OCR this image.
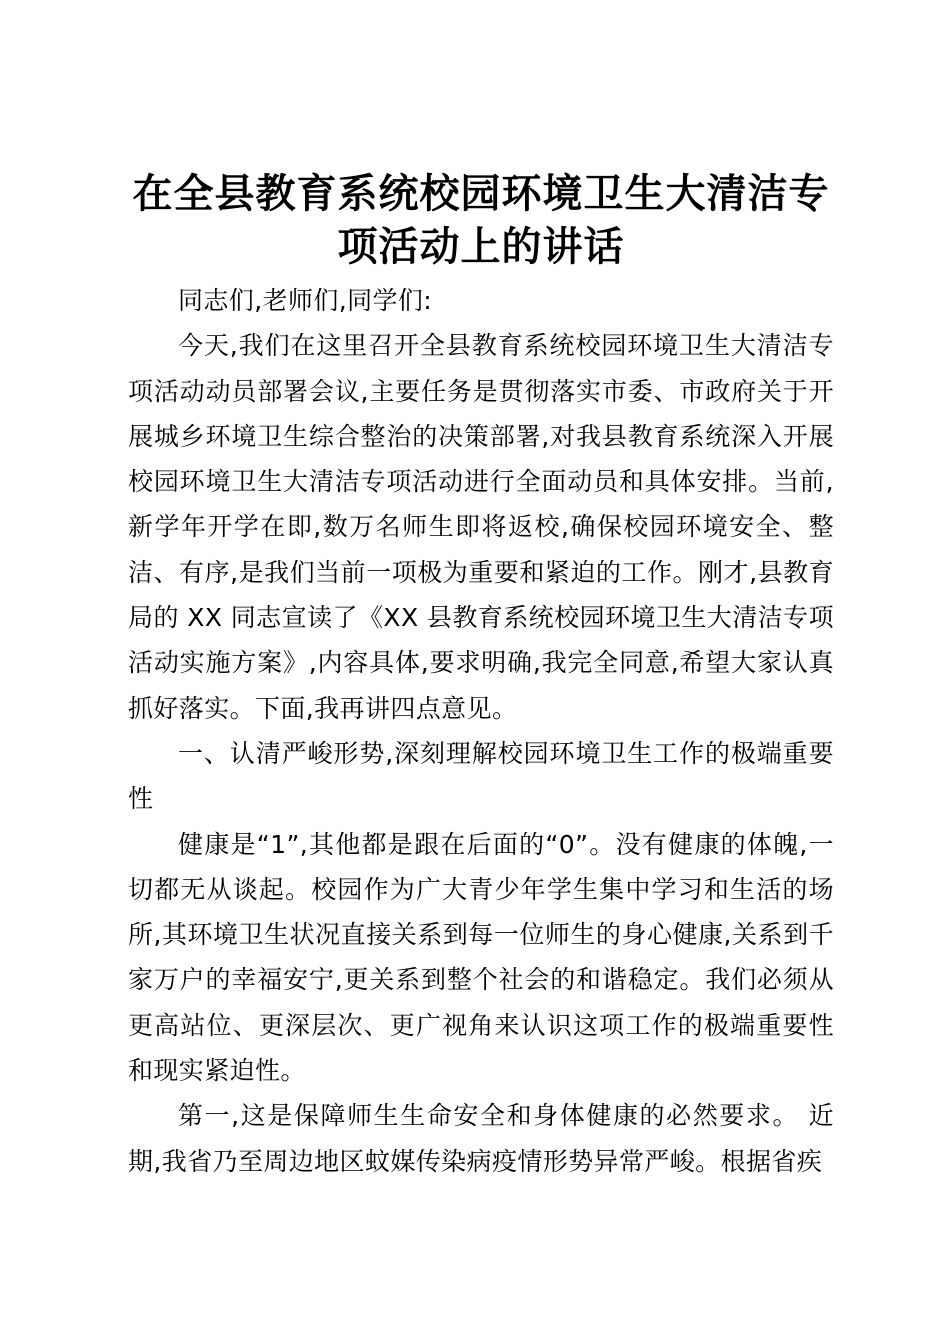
在全县教育系统校园环境卫生大清洁专项活动上的讲话

同志们,老师们,同学们:

今天,我们在这里召开全县教育系统校园环境卫生大清洁专项活动动员部署会议,主要任务是贯彻落实市委、市政府关于开展城乡环境卫生综合整治的决策部署,对我县教育系统深入开展校园环境卫生大清洁专项活动进行全面动员和具体安排。当前,新学年开学在即,数万名师生即将返校,确保校园环境安全、整洁、有序,是我们当前一项极为重要和紧迫的工作。刚才,县教育局的 XX 同志宣读了《XX 县教育系统校园环境卫生大清洁专项活动实施方案》,内容具体,要求明确,我完全同意,希望大家认真抓好落实。下面,我再讲四点意见。

一、认清严峻形势,深刻理解校园环境卫生工作的极端重要性

健康是“1”,其他都是跟在后面的“0”。没有健康的体魄,一切都无从谈起。校园作为广大青少年学生集中学习和生活的场所,其环境卫生状况直接关系到每一位师生的身心健康,关系到千家万户的幸福安宁,更关系到整个社会的和谐稳定。我们必须从更高站位、更深层次、更广视角来认识这项工作的极端重要性和现实紧迫性。

第一,这是保障师生生命安全和身体健康的必然要求。 近期,我省乃至周边地区蚊媒传染病疫情形势异常严峻。根据省疾
